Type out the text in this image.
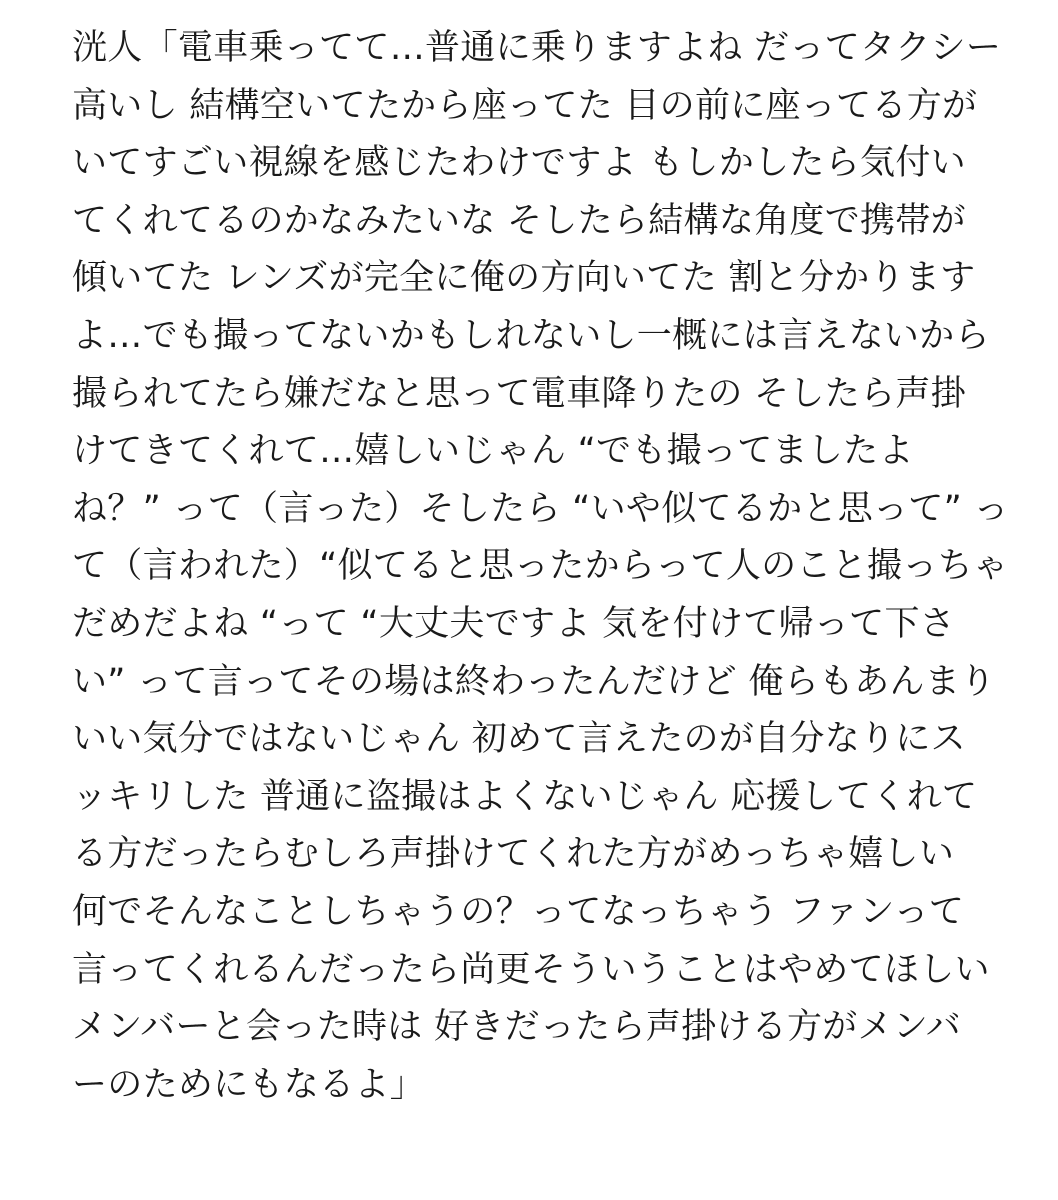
洸人「電車乗ってて…普通に乗りますよね だってタクシー
高いし 結構空いてたから座ってた 目の前に座ってる方が
いてすごい視線を感じたわけですよ もしかしたら気付い
てくれてるのかなみたいな そしたら結構な角度で携帯が
傾いてた レンズが完全に俺の方向いてた 割と分かります
よ…でも撮ってないかもしれないし一概には言えないから
撮られてたら嫌だなと思って電車降りたの そしたら声掛
けてきてくれて…嬉しいじゃん “でも撮ってましたよ
ね？” って（言った）そしたら “いや似てるかと思って” っ
て（言われた）“似てると思ったからって人のこと撮っちゃ
だめだよね “って “大丈夫ですよ 気を付けて帰って下さ
い” って言ってその場は終わったんだけど 俺らもあんまり
いい気分ではないじゃん 初めて言えたのが自分なりにス
ッキリした 普通に盗撮はよくないじゃん 応援してくれて
る方だったらむしろ声掛けてくれた方がめっちゃ嬉しい
何でそんなことしちゃうの？ってなっちゃう ファンって
言ってくれるんだったら尚更そういうことはやめてほしい
メンバーと会った時は 好きだったら声掛ける方がメンバ
ーのためにもなるよ」
